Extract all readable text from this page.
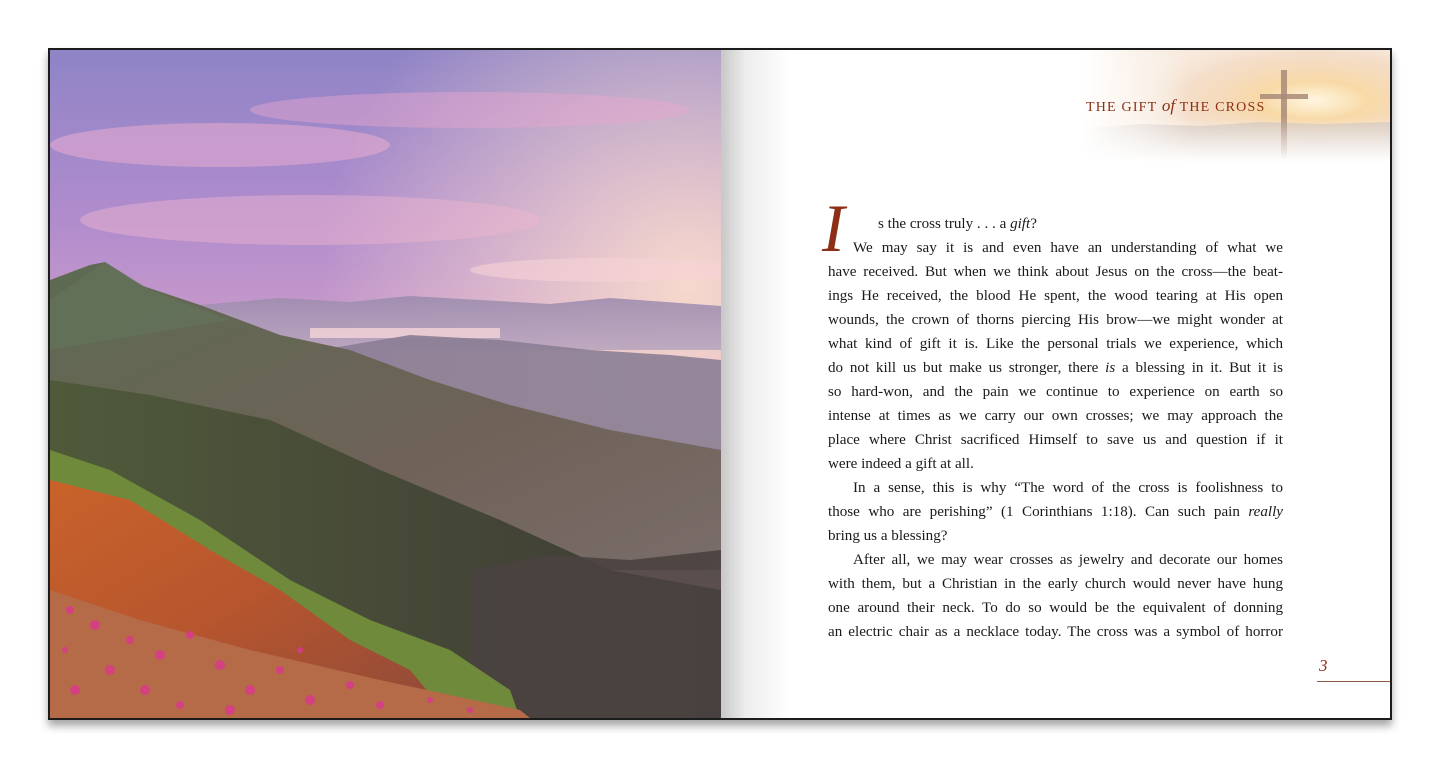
THE GIFT of THE CROSS
I	s the cross truly . . . a gift?
We may say it is and even have an understanding of what we
have received. But when we think about Jesus on the cross—the beat-
ings He received, the blood He spent, the wood tearing at His open
wounds, the crown of thorns piercing His brow—we might wonder at
what kind of gift it is. Like the personal trials we experience, which
do not kill us but make us stronger, there is a blessing in it. But it is
so hard-won, and the pain we continue to experience on earth so
intense at times as we carry our own crosses; we may approach the
place where Christ sacrificed Himself to save us and question if it
were indeed a gift at all.
In a sense, this is why “The word of the cross is foolishness to
those who are perishing” (1 Corinthians 1:18). Can such pain really
bring us a blessing?
After all, we may wear crosses as jewelry and decorate our homes
with them, but a Christian in the early church would never have hung
one around their neck. To do so would be the equivalent of donning
an electric chair as a necklace today. The cross was a symbol of horror
3
